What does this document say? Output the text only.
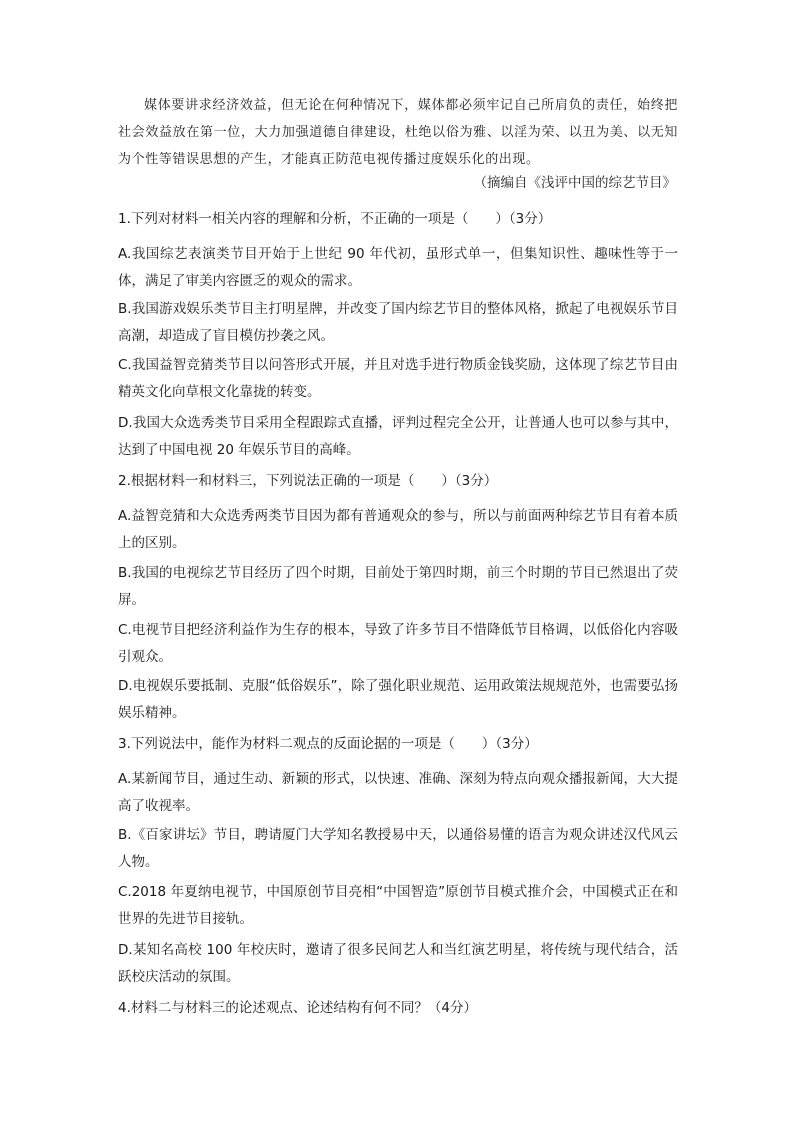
媒体要讲求经济效益，但无论在何种情况下，媒体都必须牢记自己所肩负的责任，始终把社会效益放在第一位，大力加强道德自律建设，杜绝以俗为雅、以淫为荣、以丑为美、以无知为个性等错误思想的产生，才能真正防范电视传播过度娱乐化的出现。
（摘编自《浅评中国的综艺节目》
1.下列对材料一相关内容的理解和分析，不正确的一项是（　　）（3分）
A.我国综艺表演类节目开始于上世纪 90 年代初，虽形式单一，但集知识性、趣味性等于一体，满足了审美内容匮乏的观众的需求。
B.我国游戏娱乐类节目主打明星牌，并改变了国内综艺节目的整体风格，掀起了电视娱乐节目高潮，却造成了盲目模仿抄袭之风。
C.我国益智竞猜类节目以问答形式开展，并且对选手进行物质金钱奖励，这体现了综艺节目由精英文化向草根文化靠拢的转变。
D.我国大众选秀类节目采用全程跟踪式直播，评判过程完全公开，让普通人也可以参与其中，达到了中国电视 20 年娱乐节目的高峰。
2.根据材料一和材料三，下列说法正确的一项是（　　）（3分）
A.益智竞猜和大众选秀两类节目因为都有普通观众的参与，所以与前面两种综艺节目有着本质上的区别。
B.我国的电视综艺节目经历了四个时期，目前处于第四时期，前三个时期的节目已然退出了荧屏。
C.电视节目把经济利益作为生存的根本，导致了许多节目不惜降低节目格调，以低俗化内容吸引观众。
D.电视娱乐要抵制、克服“低俗娱乐”，除了强化职业规范、运用政策法规规范外，也需要弘扬娱乐精神。
3.下列说法中，能作为材料二观点的反面论据的一项是（　　）（3分）
A.某新闻节目，通过生动、新颖的形式，以快速、准确、深刻为特点向观众播报新闻，大大提高了收视率。
B.《百家讲坛》节目，聘请厦门大学知名教授易中天，以通俗易懂的语言为观众讲述汉代风云人物。
C.2018 年夏纳电视节，中国原创节目亮相“中国智造”原创节目模式推介会，中国模式正在和世界的先进节目接轨。
D.某知名高校 100 年校庆时，邀请了很多民间艺人和当红演艺明星，将传统与现代结合，活跃校庆活动的氛围。
4.材料二与材料三的论述观点、论述结构有何不同？（4分）
